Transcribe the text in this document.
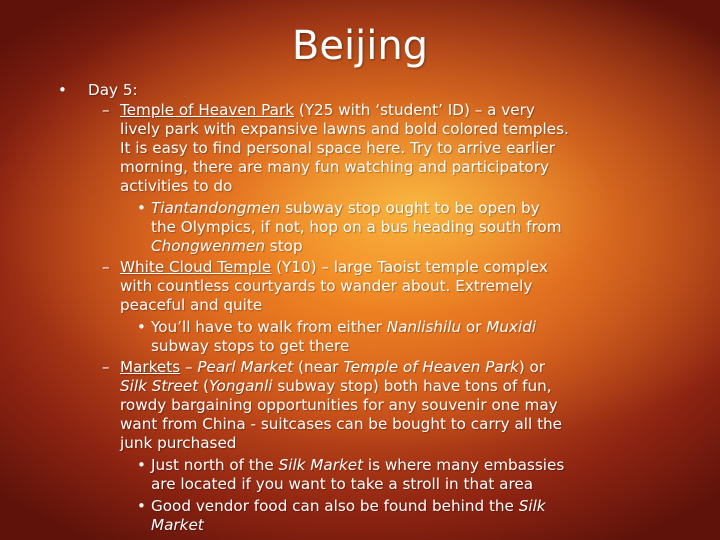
Beijing
• Day 5:
– Temple of Heaven Park (Y25 with ‘student’ ID) – a very
lively park with expansive lawns and bold colored temples.
It is easy to find personal space here. Try to arrive earlier
morning, there are many fun watching and participatory
activities to do
• Tiantandongmen subway stop ought to be open by
the Olympics, if not, hop on a bus heading south from
Chongwenmen stop
– White Cloud Temple (Y10) – large Taoist temple complex
with countless courtyards to wander about. Extremely
peaceful and quite
• You’ll have to walk from either Nanlishilu or Muxidi
subway stops to get there
– Markets – Pearl Market (near Temple of Heaven Park) or
Silk Street (Yonganli subway stop) both have tons of fun,
rowdy bargaining opportunities for any souvenir one may
want from China - suitcases can be bought to carry all the
junk purchased
• Just north of the Silk Market is where many embassies
are located if you want to take a stroll in that area
• Good vendor food can also be found behind the Silk
Market
